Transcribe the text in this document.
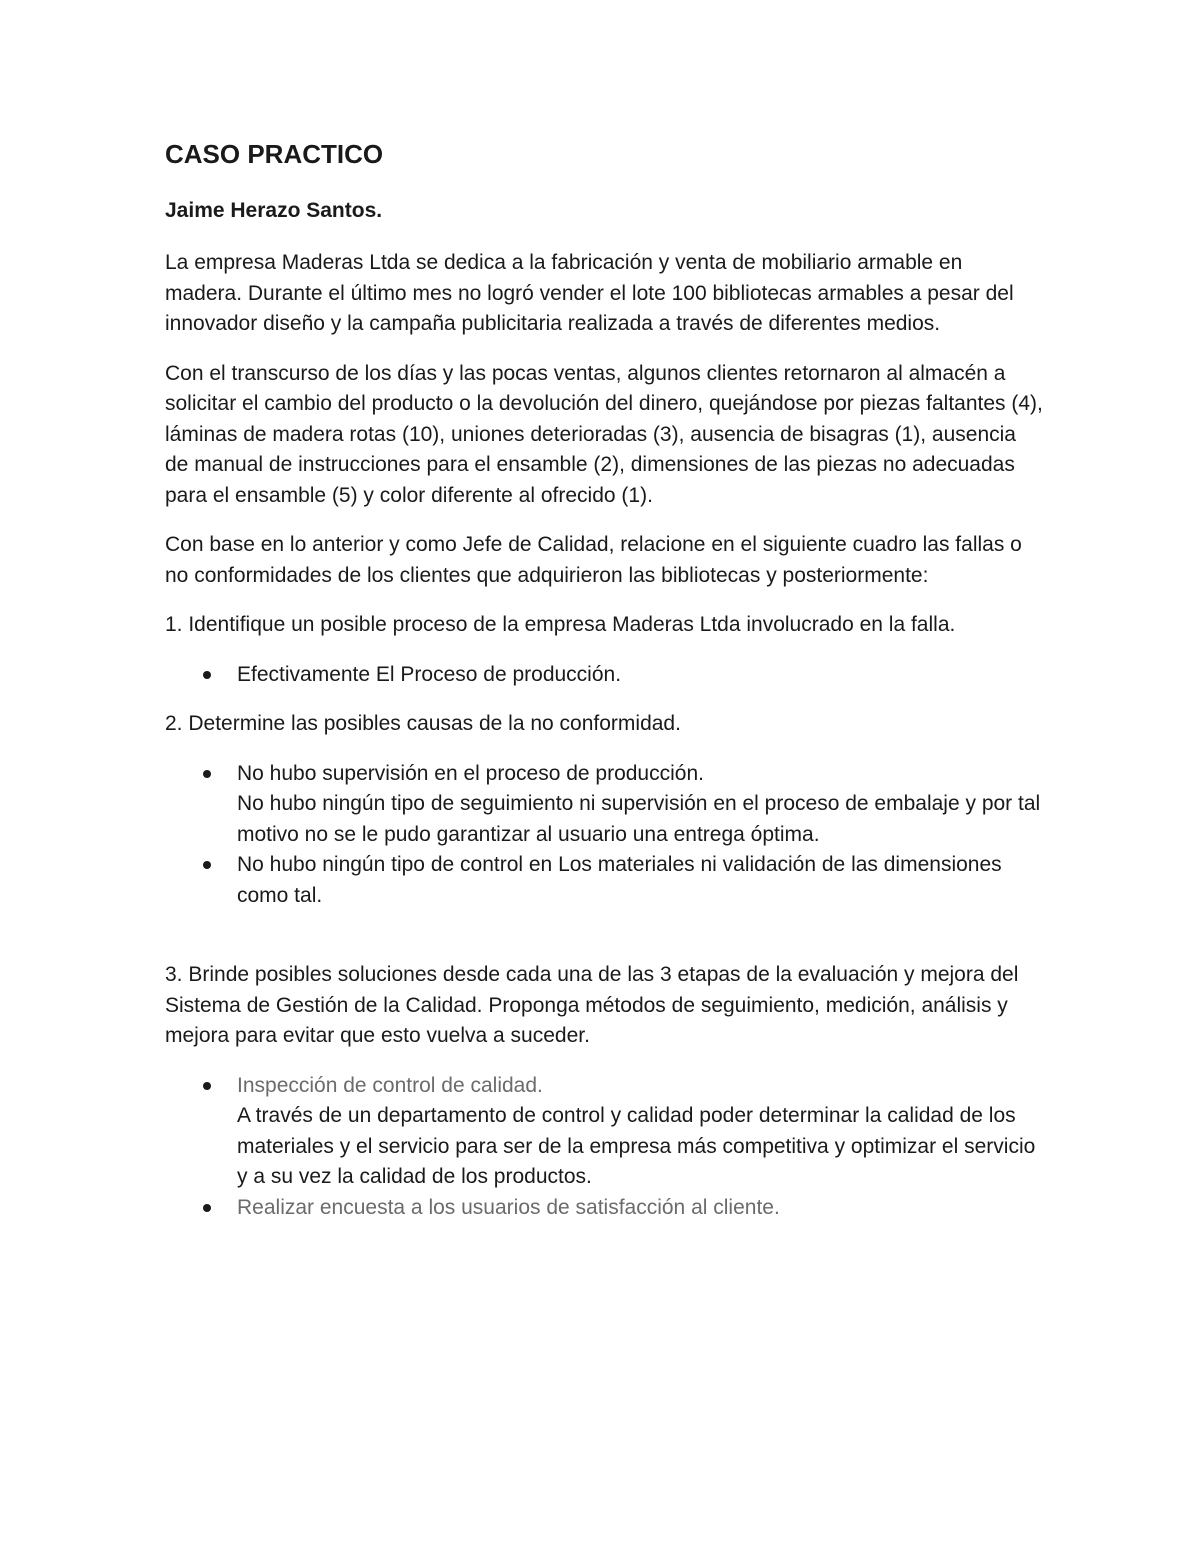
CASO PRACTICO
Jaime Herazo Santos.

La empresa Maderas Ltda se dedica a la fabricación y venta de mobiliario armable en madera. Durante el último mes no logró vender el lote 100 bibliotecas armables a pesar del innovador diseño y la campaña publicitaria realizada a través de diferentes medios.

Con el transcurso de los días y las pocas ventas, algunos clientes retornaron al almacén a solicitar el cambio del producto o la devolución del dinero, quejándose por piezas faltantes (4), láminas de madera rotas (10), uniones deterioradas (3), ausencia de bisagras (1), ausencia de manual de instrucciones para el ensamble (2), dimensiones de las piezas no adecuadas para el ensamble (5) y color diferente al ofrecido (1).

Con base en lo anterior y como Jefe de Calidad, relacione en el siguiente cuadro las fallas o no conformidades de los clientes que adquirieron las bibliotecas y posteriormente:

1. Identifique un posible proceso de la empresa Maderas Ltda involucrado en la falla.

Efectivamente El Proceso de producción.

2. Determine las posibles causas de la no conformidad.

No hubo supervisión en el proceso de producción.
No hubo ningún tipo de seguimiento ni supervisión en el proceso de embalaje y por tal motivo no se le pudo garantizar al usuario una entrega óptima.
No hubo ningún tipo de control en Los materiales ni validación de las dimensiones como tal.

3. Brinde posibles soluciones desde cada una de las 3 etapas de la evaluación y mejora del Sistema de Gestión de la Calidad. Proponga métodos de seguimiento, medición, análisis y mejora para evitar que esto vuelva a suceder.

Inspección de control de calidad.
A través de un departamento de control y calidad poder determinar la calidad de los materiales y el servicio para ser de la empresa más competitiva y optimizar el servicio y a su vez la calidad de los productos.
Realizar encuesta a los usuarios de satisfacción al cliente.
